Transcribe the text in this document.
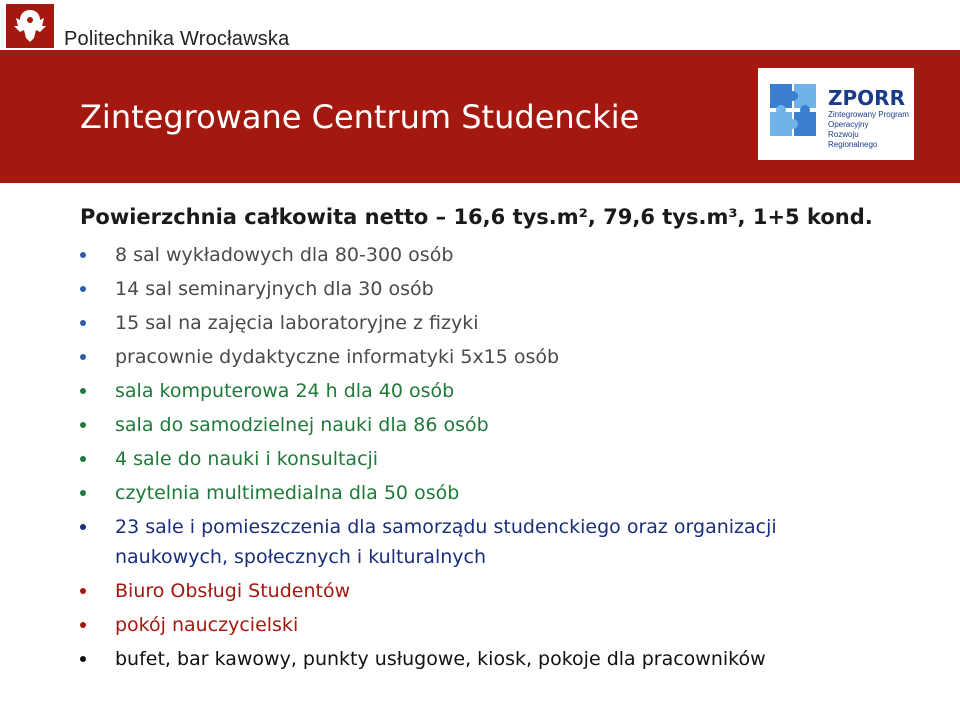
Politechnika Wrocławska
Zintegrowane Centrum Studenckie	ZPORR
Zintegrowany Program
Operacyjny
Rozwoju Regionalnego
Powierzchnia całkowita netto – 16,6 tys.m², 79,6 tys.m³, 1+5 kond.
8 sal wykładowych dla 80-300 osób
14 sal seminaryjnych dla 30 osób
15 sal na zajęcia laboratoryjne z fizyki
pracownie dydaktyczne informatyki 5x15 osób
sala komputerowa 24 h dla 40 osób
sala do samodzielnej nauki dla 86 osób
4 sale do nauki i konsultacji
czytelnia multimedialna dla 50 osób
23 sale i pomieszczenia dla samorządu studenckiego oraz organizacji
naukowych, społecznych i kulturalnych
Biuro Obsługi Studentów
pokój nauczycielski
bufet, bar kawowy, punkty usługowe, kiosk, pokoje dla pracowników
